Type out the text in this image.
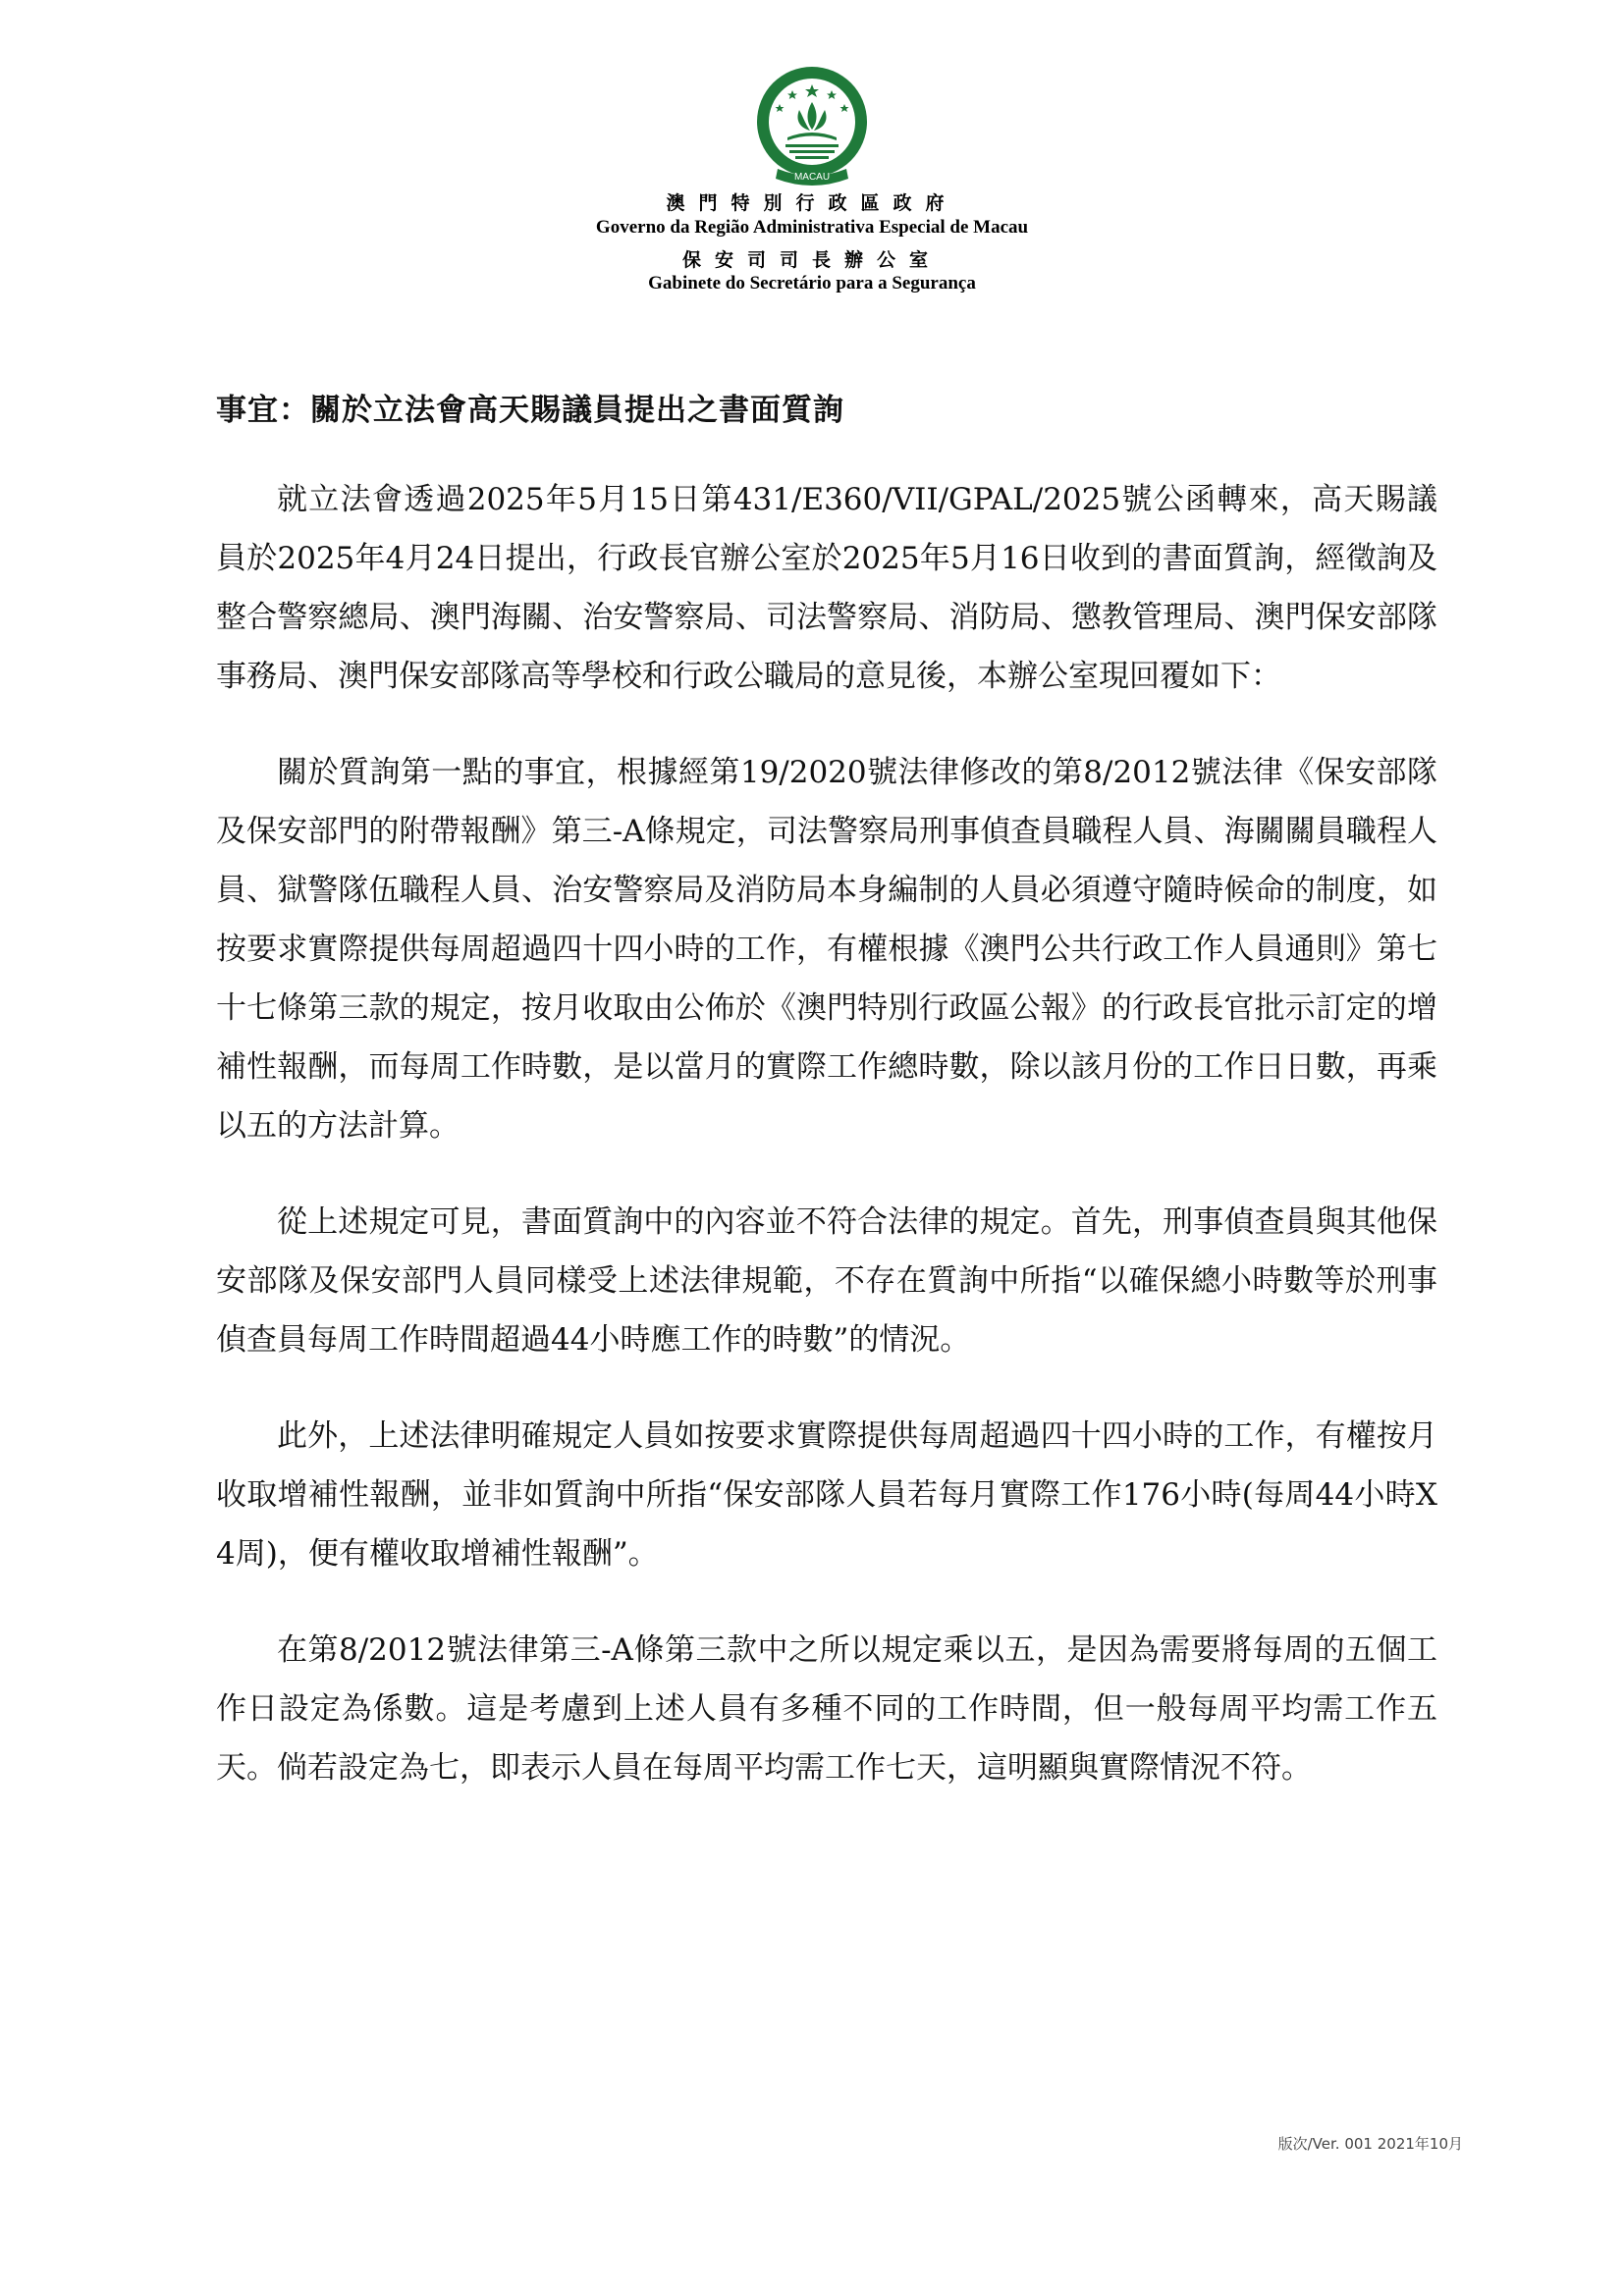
MACAU
澳門特別行政區政府
Governo da Região Administrativa Especial de Macau
保安司司長辦公室
Gabinete do Secretário para a Segurança
事宜：關於立法會高天賜議員提出之書面質詢

就立法會透過2025年5月15日第431/E360/VII/GPAL/2025號公函轉來，高天賜議員於2025年4月24日提出，行政長官辦公室於2025年5月16日收到的書面質詢，經徵詢及整合警察總局、澳門海關、治安警察局、司法警察局、消防局、懲教管理局、澳門保安部隊事務局、澳門保安部隊高等學校和行政公職局的意見後，本辦公室現回覆如下：

關於質詢第一點的事宜，根據經第19/2020號法律修改的第8/2012號法律《保安部隊及保安部門的附帶報酬》第三-A條規定，司法警察局刑事偵查員職程人員、海關關員職程人員、獄警隊伍職程人員、治安警察局及消防局本身編制的人員必須遵守隨時候命的制度，如按要求實際提供每周超過四十四小時的工作，有權根據《澳門公共行政工作人員通則》第七十七條第三款的規定，按月收取由公佈於《澳門特別行政區公報》的行政長官批示訂定的增補性報酬，而每周工作時數，是以當月的實際工作總時數，除以該月份的工作日日數，再乘以五的方法計算。

從上述規定可見，書面質詢中的內容並不符合法律的規定。首先，刑事偵查員與其他保安部隊及保安部門人員同樣受上述法律規範，不存在質詢中所指“以確保總小時數等於刑事偵查員每周工作時間超過44小時應工作的時數”的情況。

此外，上述法律明確規定人員如按要求實際提供每周超過四十四小時的工作，有權按月收取增補性報酬，並非如質詢中所指“保安部隊人員若每月實際工作176小時(每周44小時X 4周)，便有權收取增補性報酬”。

在第8/2012號法律第三-A條第三款中之所以規定乘以五，是因為需要將每周的五個工作日設定為係數。這是考慮到上述人員有多種不同的工作時間，但一般每周平均需工作五天。倘若設定為七，即表示人員在每周平均需工作七天，這明顯與實際情況不符。

版次/Ver. 001 2021年10月
